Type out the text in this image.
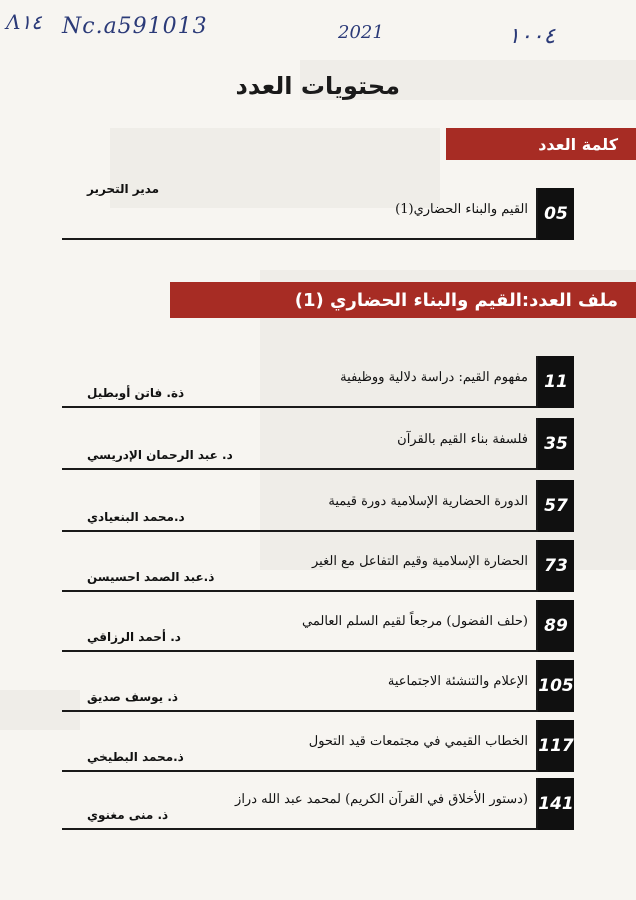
Λ١٤ Nc.a591013	2021	١٠٠٤
محتويات العدد
كلمة العدد
05
القيم والبناء الحضاري(1)
مدير التحرير
ملف العدد:القيم والبناء الحضاري (1)
11
مفهوم القيم: دراسة دلالية ووظيفية
ذة. فاتن أوبطيل
35
فلسفة بناء القيم بالقرآن
د. عبد الرحمان الإدريسي
57
الدورة الحضارية الإسلامية دورة قيمية
د.محمد البنعيادي
73
الحضارة الإسلامية وقيم التفاعل مع الغير
ذ.عبد الصمد احسيسن
89
(حلف الفضول) مرجعاً لقيم السلم العالمي
د. أحمد الرزاقي
105
الإعلام والتنشئة الاجتماعية
ذ. يوسف صديق
117
الخطاب القيمي في مجتمعات قيد التحول
ذ.محمد البطيخي
141
(دستور الأخلاق في القرآن الكريم) لمحمد عبد الله دراز
ذ. منى مغنوي
